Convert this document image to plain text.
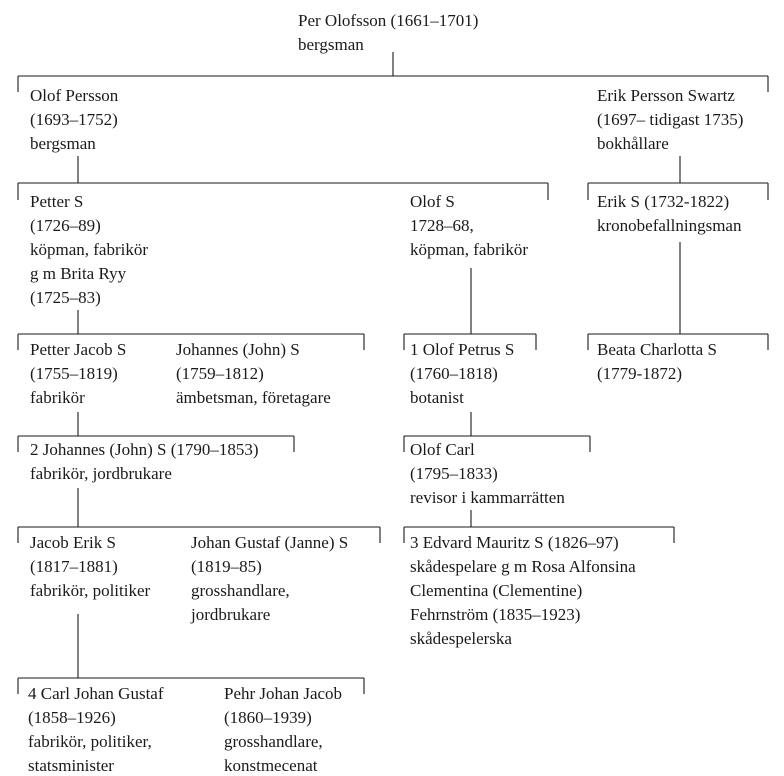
Per Olofsson (1661–1701)
bergsman
Olof Persson
(1693–1752)
bergsman
Erik Persson Swartz
(1697– tidigast 1735)
bokhållare
Petter S
(1726–89)
köpman, fabrikör
g m Brita Ryy
(1725–83)
Olof S
1728–68,
köpman, fabrikör
Erik S (1732-1822)
kronobefallningsman
Petter Jacob S
(1755–1819)
fabrikör
Johannes (John) S
(1759–1812)
ämbetsman, företagare
1 Olof Petrus S
(1760–1818)
botanist
Beata Charlotta S
(1779-1872)
2 Johannes (John) S (1790–1853)
fabrikör, jordbrukare
Olof Carl
(1795–1833)
revisor i kammarrätten
Jacob Erik S
(1817–1881)
fabrikör, politiker
Johan Gustaf (Janne) S
(1819–85)
grosshandlare,
jordbrukare
3 Edvard Mauritz S (1826–97)
skådespelare g m Rosa Alfonsina
Clementina (Clementine)
Fehrnström (1835–1923)
skådespelerska
4 Carl Johan Gustaf
(1858–1926)
fabrikör, politiker,
statsminister
Pehr Johan Jacob
(1860–1939)
grosshandlare,
konstmecenat
